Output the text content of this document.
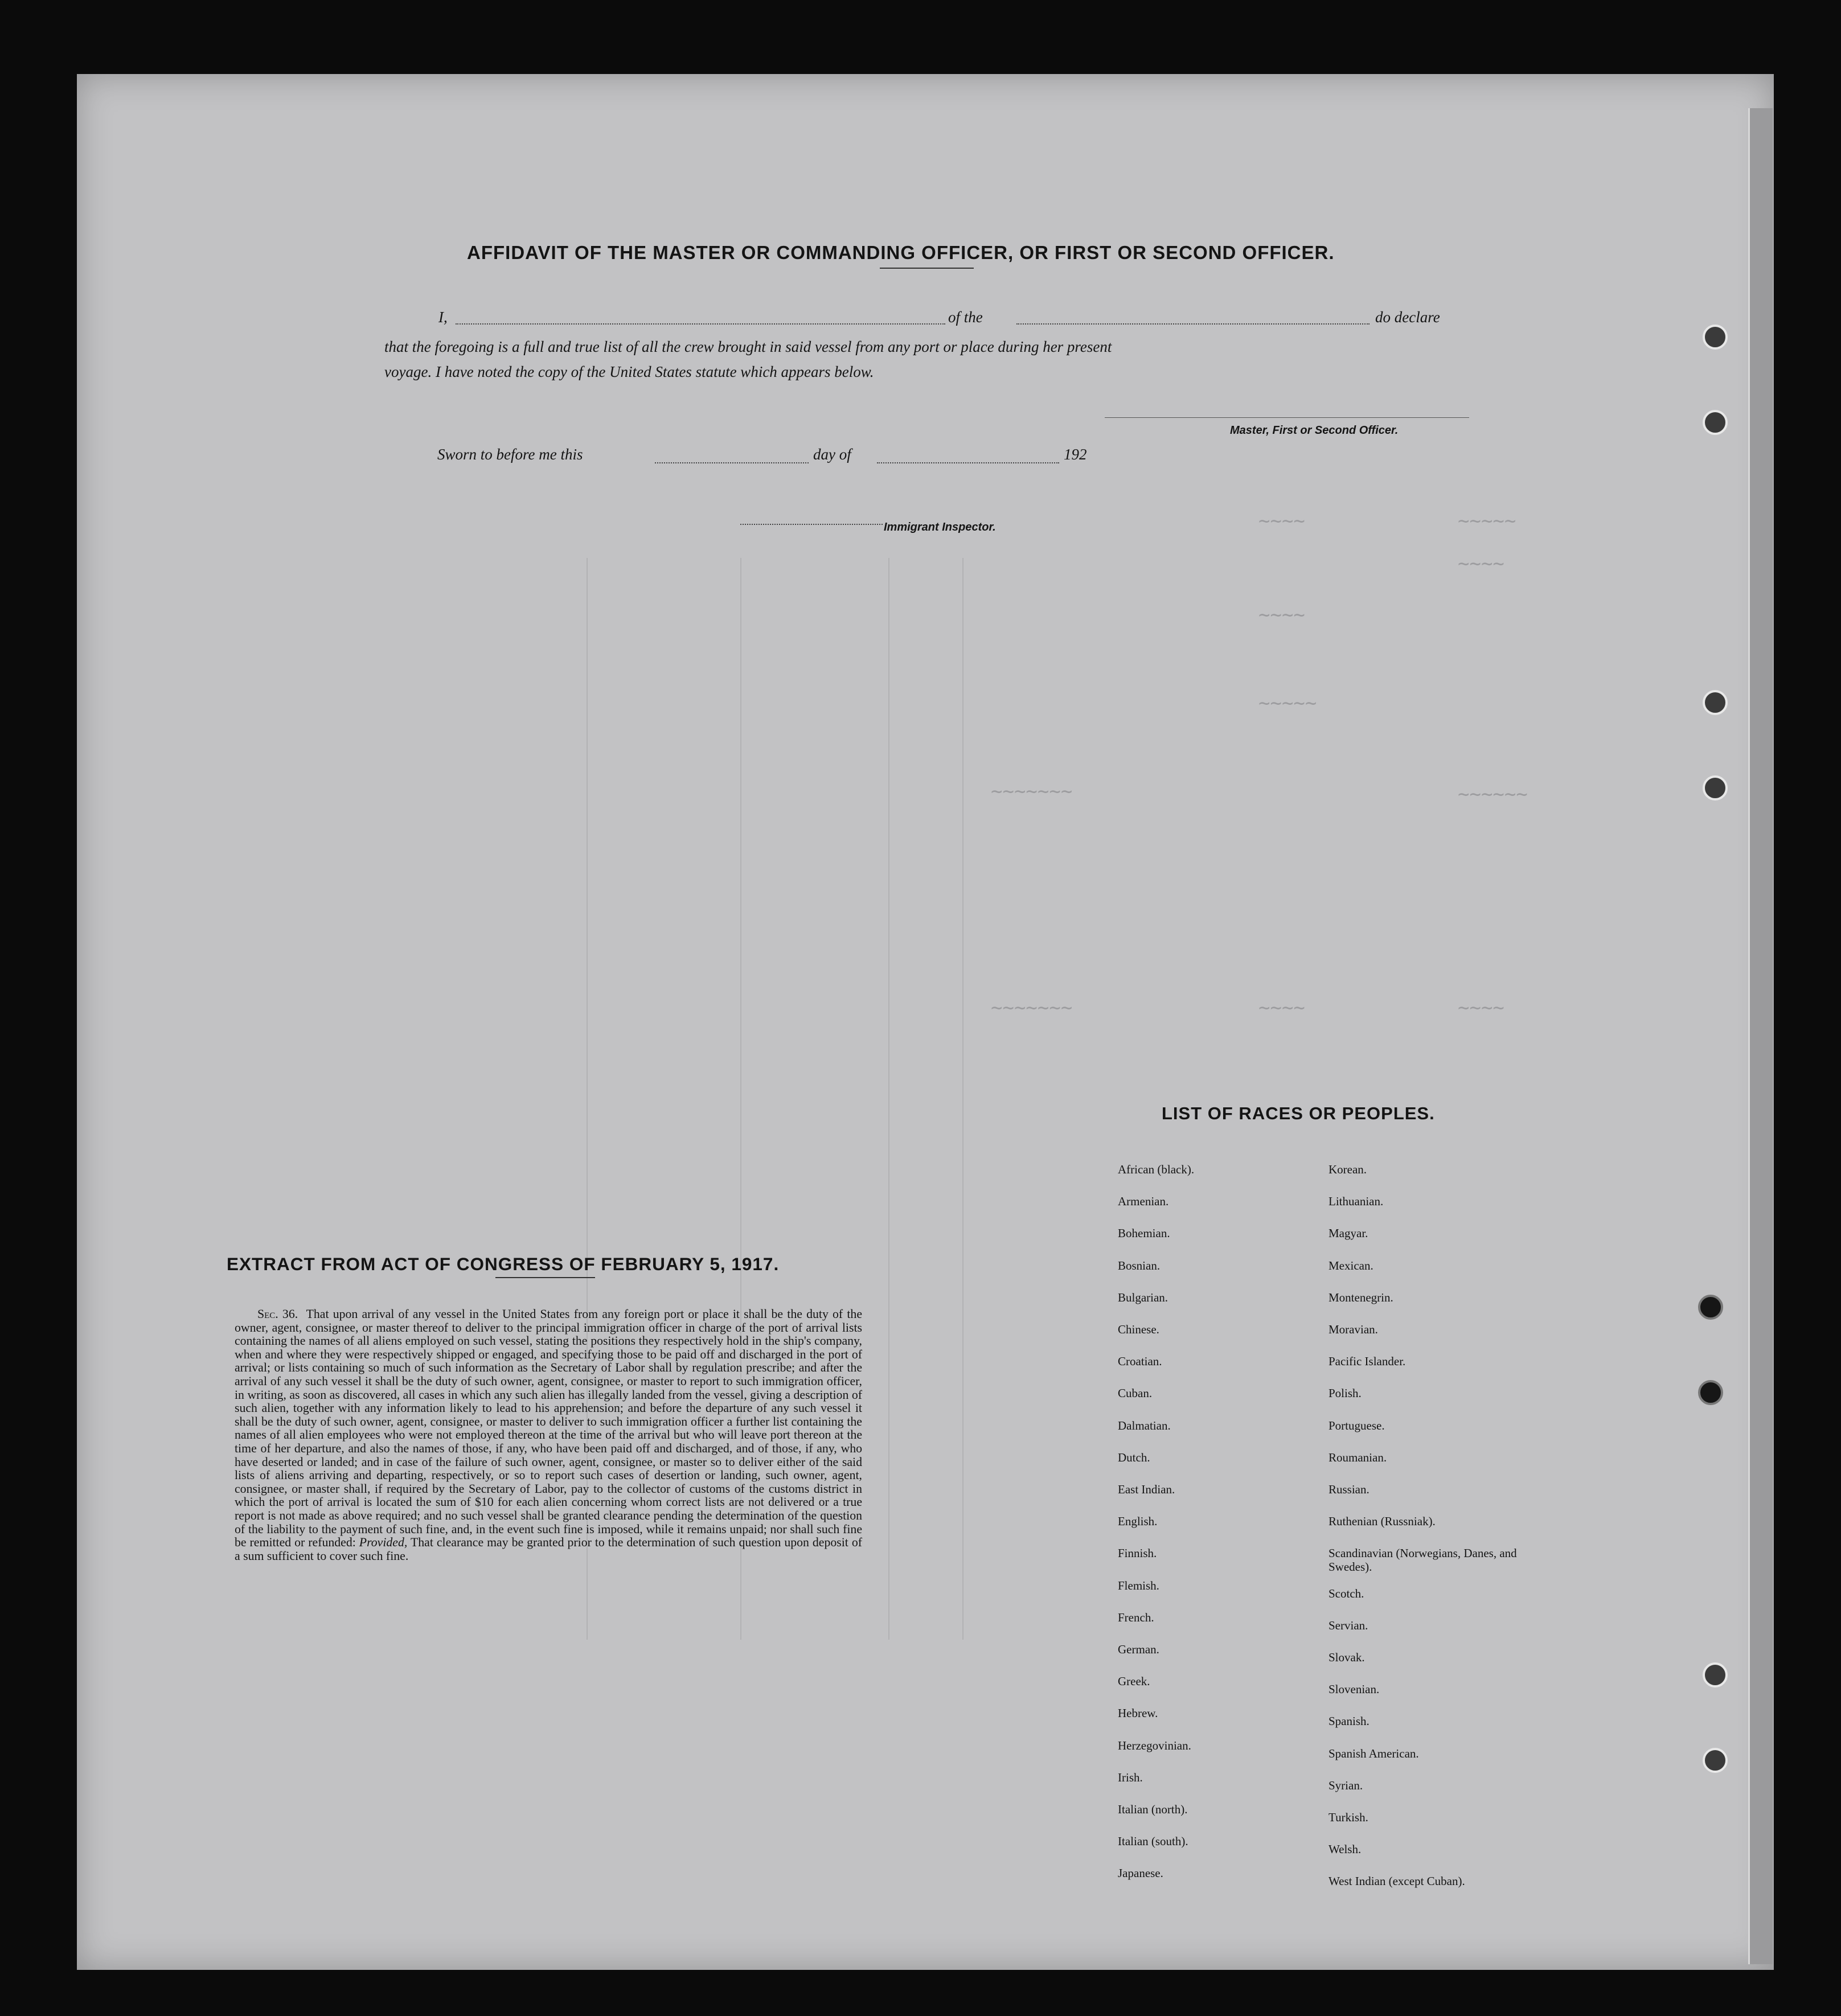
~~~~~
~~~~
~~~~
~~~~
~~~~~
~~~~~~
~~~~~~~
~~~~~~~	~~~~	~~~~
AFFIDAVIT OF THE MASTER OR COMMANDING OFFICER, OR FIRST OR SECOND OFFICER.
I,	of the	do declare
that the foregoing is a full and true list of all the crew brought in said vessel from any port or place during her present
voyage. I have noted the copy of the United States statute which appears below.
Master, First or Second Officer.
Sworn to before me this	day of	192
Immigrant Inspector.
EXTRACT FROM ACT OF CONGRESS OF FEBRUARY 5, 1917.
Sec. 36. That upon arrival of any vessel in the United States from any foreign port or place it shall be the duty of the owner, agent, consignee, or master thereof to deliver to the principal immigration officer in charge of the port of arrival lists containing the names of all aliens employed on such vessel, stating the positions they respectively hold in the ship's company, when and where they were respectively shipped or engaged, and specifying those to be paid off and discharged in the port of arrival; or lists containing so much of such information as the Secretary of Labor shall by regulation prescribe; and after the arrival of any such vessel it shall be the duty of such owner, agent, consignee, or master to report to such immigration officer, in writing, as soon as discovered, all cases in which any such alien has illegally landed from the vessel, giving a description of such alien, together with any information likely to lead to his apprehension; and before the departure of any such vessel it shall be the duty of such owner, agent, consignee, or master to deliver to such immigration officer a further list containing the names of all alien employees who were not employed thereon at the time of the arrival but who will leave port thereon at the time of her departure, and also the names of those, if any, who have been paid off and discharged, and of those, if any, who have deserted or landed; and in case of the failure of such owner, agent, consignee, or master so to deliver either of the said lists of aliens arriving and departing, respectively, or so to report such cases of desertion or landing, such owner, agent, consignee, or master shall, if required by the Secretary of Labor, pay to the collector of customs of the customs district in which the port of arrival is located the sum of $10 for each alien concerning whom correct lists are not delivered or a true report is not made as above required; and no such vessel shall be granted clearance pending the determination of the question of the liability to the payment of such fine, and, in the event such fine is imposed, while it remains unpaid; nor shall such fine be remitted or refunded: Provided, That clearance may be granted prior to the determination of such question upon deposit of a sum sufficient to cover such fine.
LIST OF RACES OR PEOPLES.
African (black).
Armenian.
Bohemian.
Bosnian.
Bulgarian.
Chinese.
Croatian.
Cuban.
Dalmatian.
Dutch.
East Indian.
English.
Finnish.
Flemish.
French.
German.
Greek.
Hebrew.
Herzegovinian.
Irish.
Italian (north).
Italian (south).
Japanese.
Korean.
Lithuanian.
Magyar.
Mexican.
Montenegrin.
Moravian.
Pacific Islander.
Polish.
Portuguese.
Roumanian.
Russian.
Ruthenian (Russniak).
Scandinavian (Norwegians, Danes, and Swedes).
Scotch.
Servian.
Slovak.
Slovenian.
Spanish.
Spanish American.
Syrian.
Turkish.
Welsh.
West Indian (except Cuban).
